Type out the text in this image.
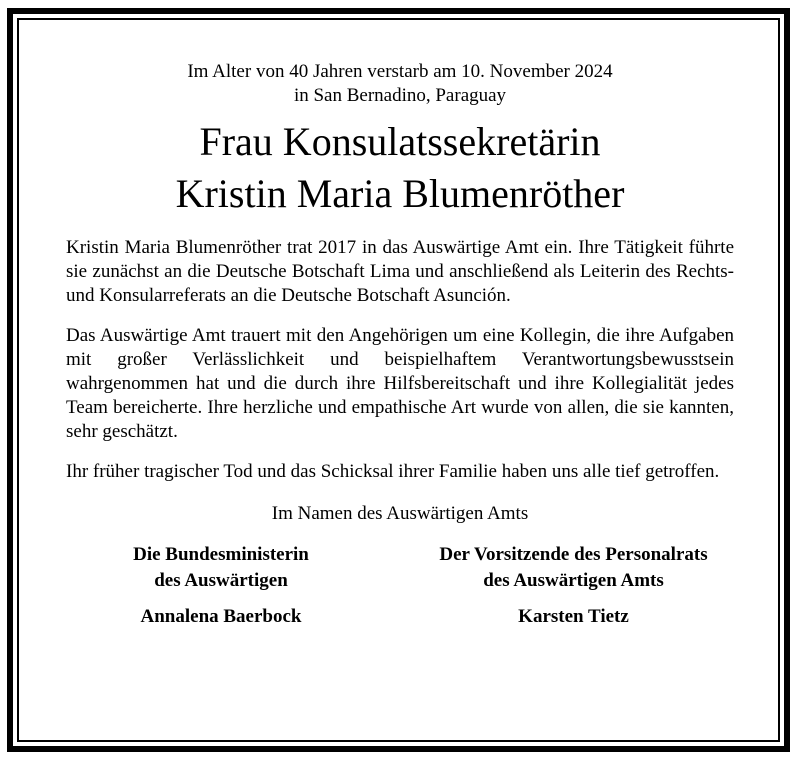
Im Alter von 40 Jahren verstarb am 10. November 2024
in San Bernadino, Paraguay
Frau Konsulatssekretärin
Kristin Maria Blumenröther

Kristin Maria Blumenröther trat 2017 in das Auswärtige Amt ein. Ihre Tätigkeit führte sie zunächst an die Deutsche Botschaft Lima und anschließend als Leiterin des Rechts- und Konsularreferats an die Deutsche Botschaft Asunción.

Das Auswärtige Amt trauert mit den Angehörigen um eine Kollegin, die ihre Aufgaben mit großer Verlässlichkeit und beispielhaftem Verantwortungsbewusstsein wahrgenommen hat und die durch ihre Hilfsbereitschaft und ihre Kollegialität jedes Team bereicherte. Ihre herzliche und empathische Art wurde von allen, die sie kannten, sehr geschätzt.

Ihr früher tragischer Tod und das Schicksal ihrer Familie haben uns alle tief getroffen.

Im Namen des Auswärtigen Amts
Die Bundesministerin
des Auswärtigen
Annalena Baerbock
Der Vorsitzende des Personalrats
des Auswärtigen Amts
Karsten Tietz
